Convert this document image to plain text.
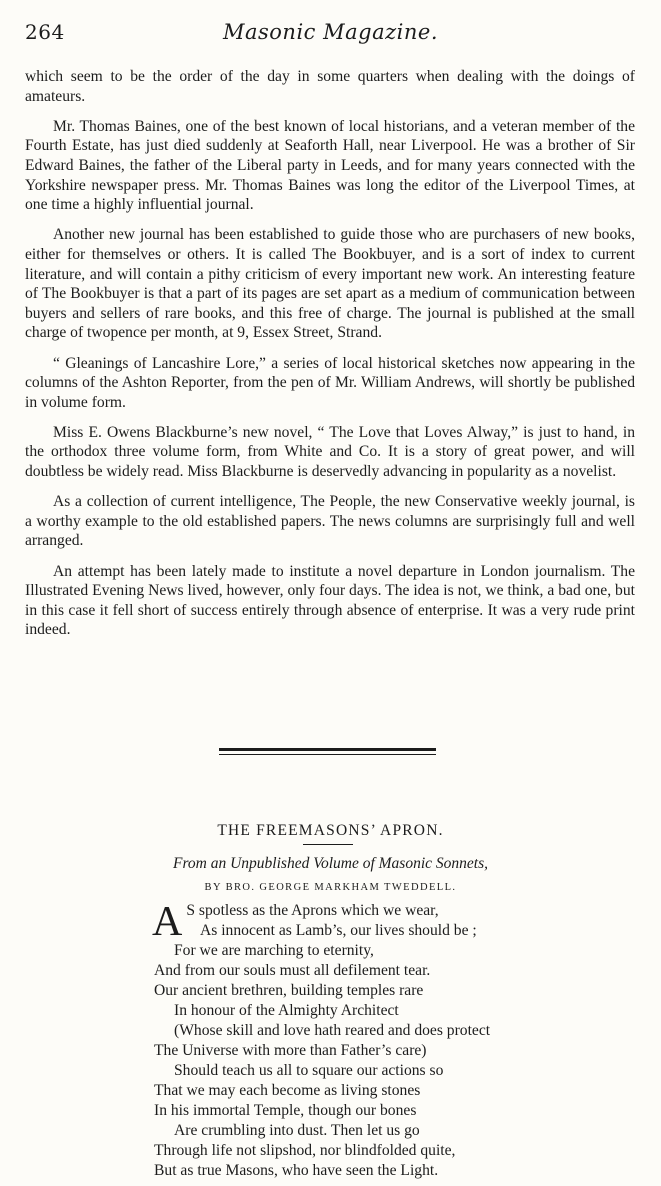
264	Masonic Magazine.

which seem to be the order of the day in some quarters when dealing with the doings of amateurs.

Mr. Thomas Baines, one of the best known of local historians, and a veteran member of the Fourth Estate, has just died suddenly at Seaforth Hall, near Liverpool. He was a brother of Sir Edward Baines, the father of the Liberal party in Leeds, and for many years connected with the Yorkshire newspaper press. Mr. Thomas Baines was long the editor of the Liverpool Times, at one time a highly influential journal.

Another new journal has been established to guide those who are purchasers of new books, either for themselves or others. It is called The Bookbuyer, and is a sort of index to current literature, and will contain a pithy criticism of every important new work. An interesting feature of The Bookbuyer is that a part of its pages are set apart as a medium of communication between buyers and sellers of rare books, and this free of charge. The journal is published at the small charge of twopence per month, at 9, Essex Street, Strand.

“ Gleanings of Lancashire Lore,” a series of local historical sketches now appearing in the columns of the Ashton Reporter, from the pen of Mr. William Andrews, will shortly be published in volume form.

Miss E. Owens Blackburne’s new novel, “ The Love that Loves Alway,” is just to hand, in the orthodox three volume form, from White and Co. It is a story of great power, and will doubtless be widely read. Miss Blackburne is deservedly advancing in popularity as a novelist.

As a collection of current intelligence, The People, the new Conservative weekly journal, is a worthy example to the old established papers. The news columns are surprisingly full and well arranged.

An attempt has been lately made to institute a novel departure in London journalism. The Illustrated Evening News lived, however, only four days. The idea is not, we think, a bad one, but in this case it fell short of success entirely through absence of enterprise. It was a very rude print indeed.

THE FREEMASONS’ APRON.
From an Unpublished Volume of Masonic Sonnets,
BY BRO. GEORGE MARKHAM TWEDDELL.
A S spotless as the Aprons which we wear,
As innocent as Lamb’s, our lives should be ;
For we are marching to eternity,
And from our souls must all defilement tear.
Our ancient brethren, building temples rare
In honour of the Almighty Architect
(Whose skill and love hath reared and does protect
The Universe with more than Father’s care)
Should teach us all to square our actions so
That we may each become as living stones
In his immortal Temple, though our bones
Are crumbling into dust. Then let us go
Through life not slipshod, nor blindfolded quite,
But as true Masons, who have seen the Light.
